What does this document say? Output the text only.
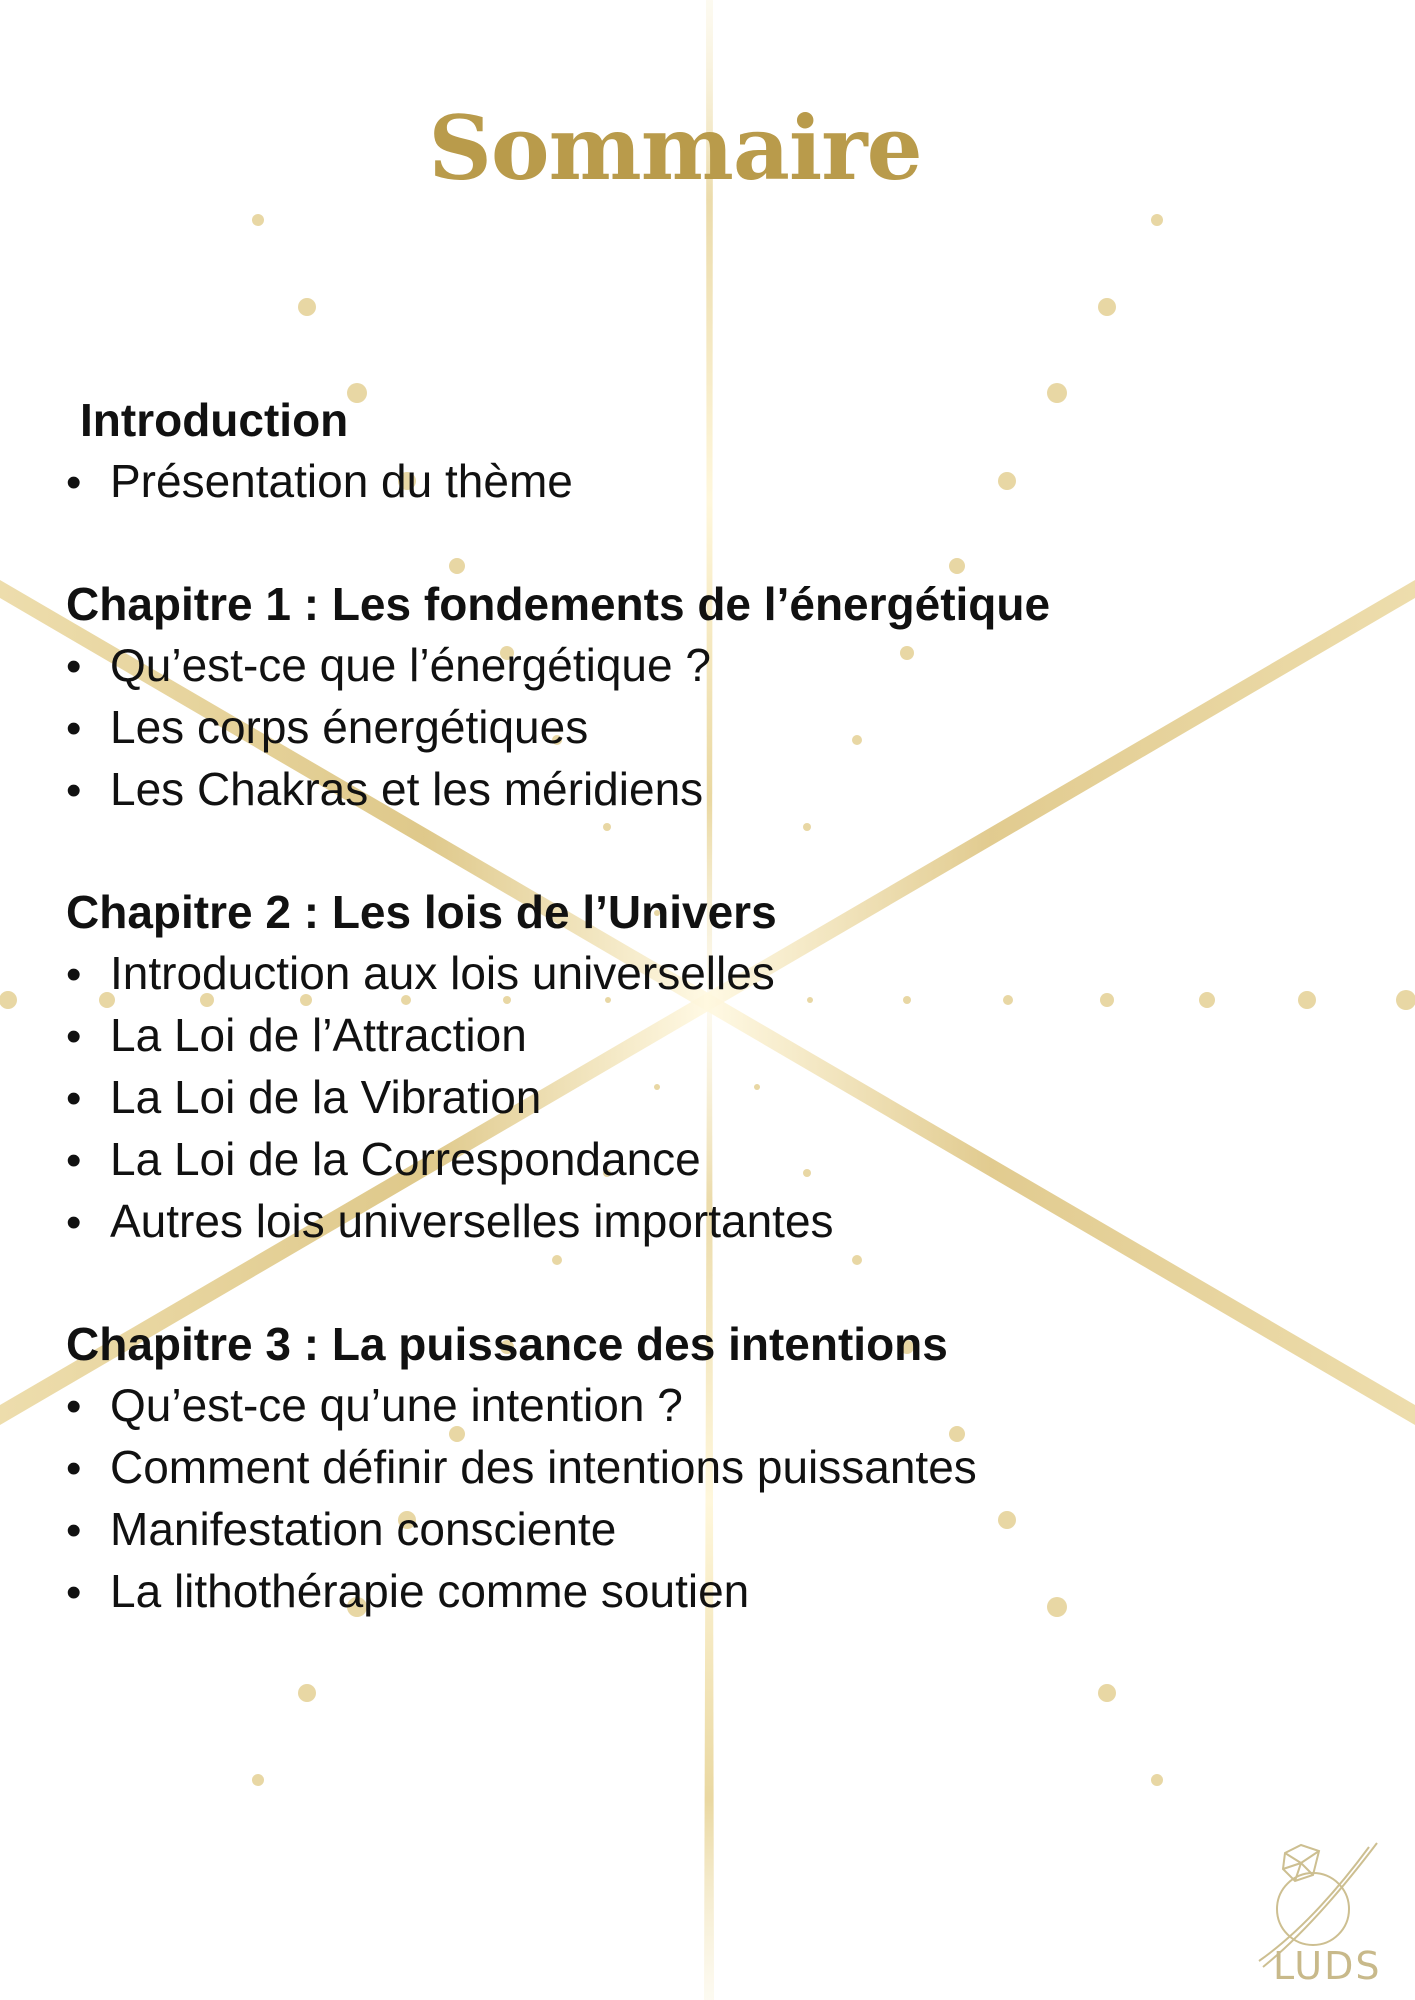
Sommaire
Introduction
• Présentation du thème
Chapitre 1 : Les fondements de l’énergétique
• Qu’est-ce que l’énergétique ?
• Les corps énergétiques
• Les Chakras et les méridiens
Chapitre 2 : Les lois de l’Univers
• Introduction aux lois universelles
• La Loi de l’Attraction
• La Loi de la Vibration
• La Loi de la Correspondance
• Autres lois universelles importantes
Chapitre 3 : La puissance des intentions
• Qu’est-ce qu’une intention ?
• Comment définir des intentions puissantes
• Manifestation consciente
• La lithothérapie comme soutien
LUDS
